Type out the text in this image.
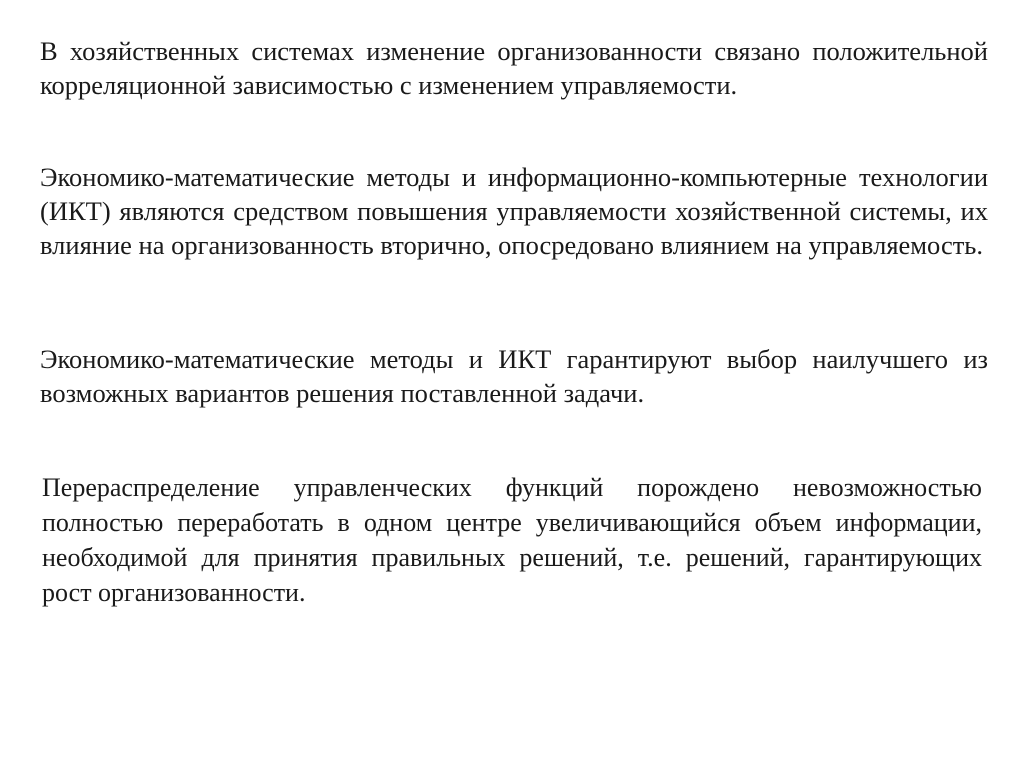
В хозяйственных системах изменение организованности связано положительной корреляционной зависимостью с изменением управляемости.

Экономико-математические методы и информационно-компьютерные технологии (ИКТ) являются средством повышения управляемости хозяйственной системы, их влияние на организованность вторично, опосредовано влиянием на управляемость.

Экономико-математические методы и ИКТ гарантируют выбор наилучшего из возможных вариантов решения поставленной задачи.

Перераспределение управленческих функций порождено невозможностью полностью переработать в одном центре увеличивающийся объем информации, необходимой для принятия правильных решений, т.е. решений, гарантирующих рост организованности.
